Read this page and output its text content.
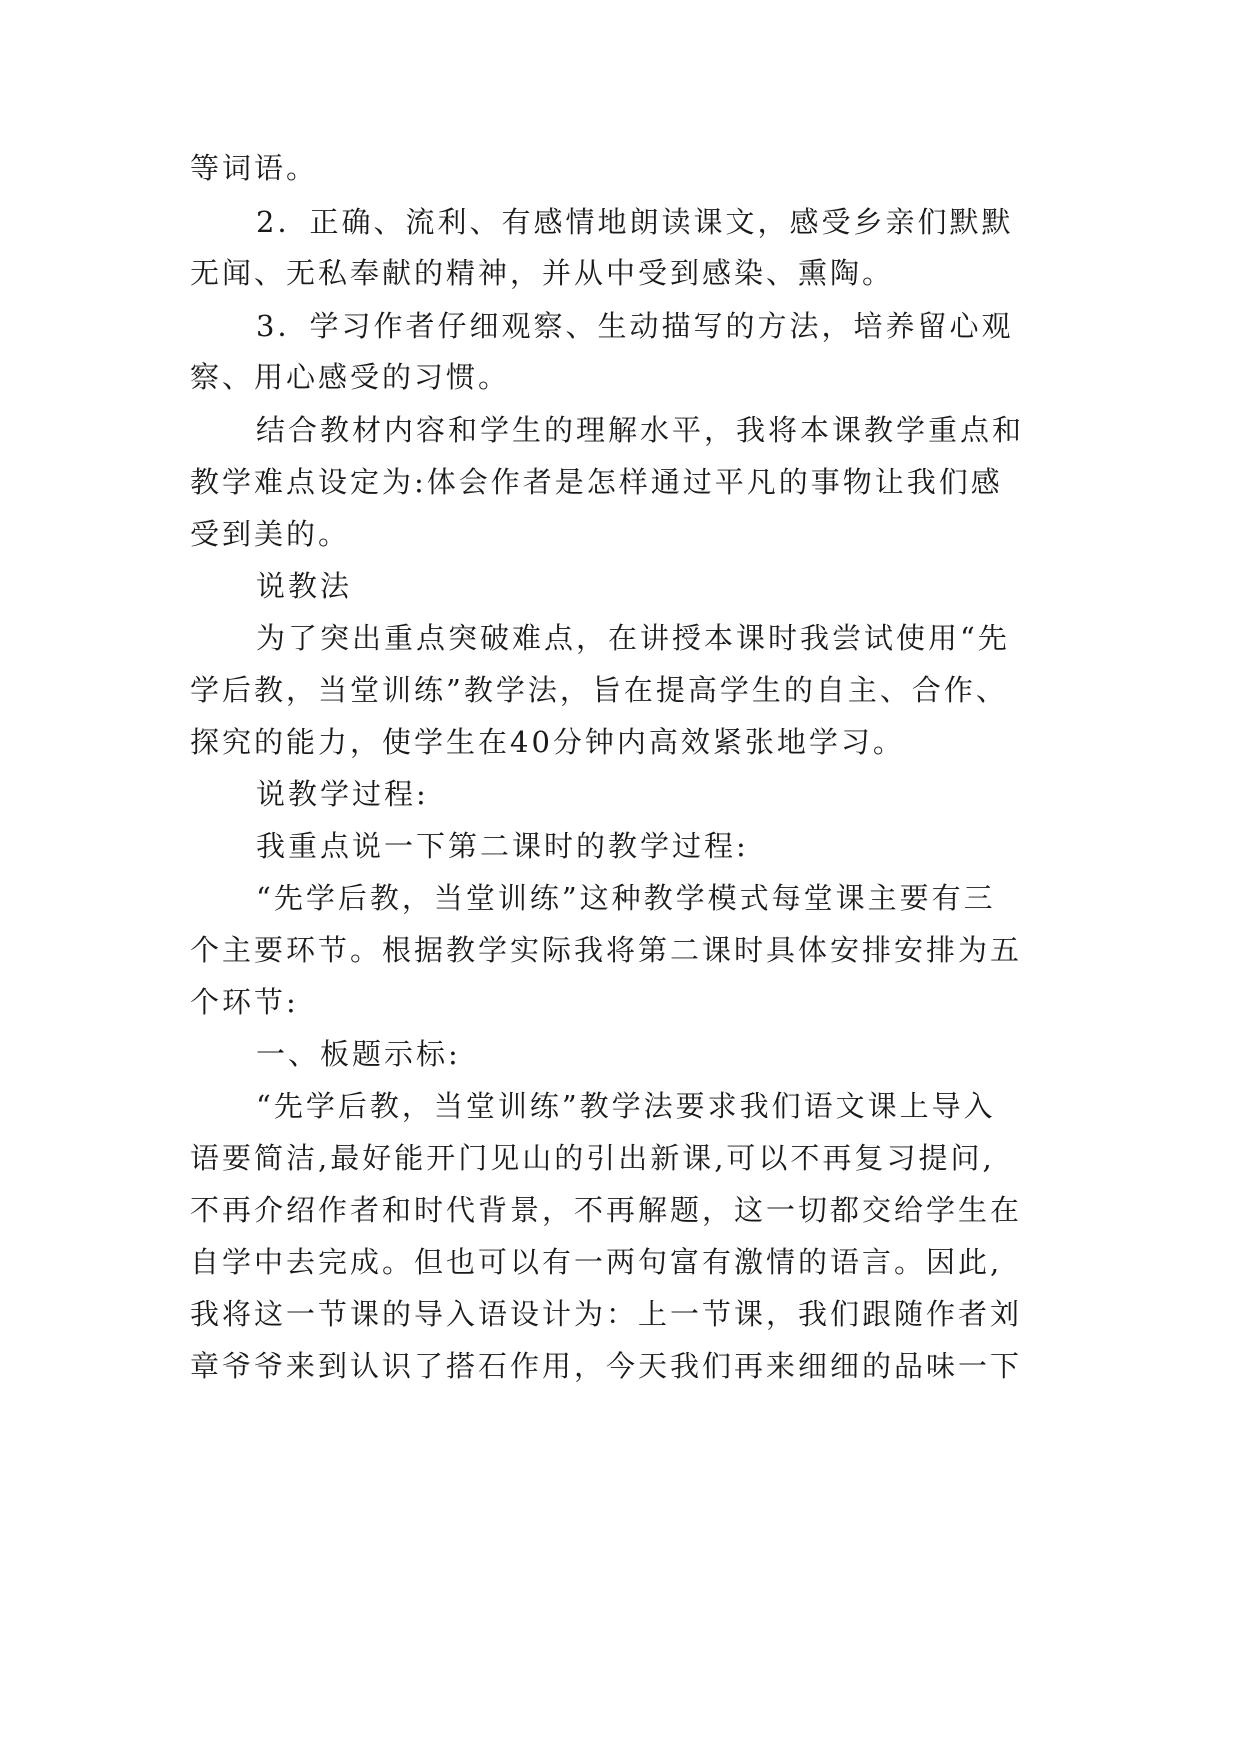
等词语。
2．正确、流利、有感情地朗读课文，感受乡亲们默默
无闻、无私奉献的精神，并从中受到感染、熏陶。
3．学习作者仔细观察、生动描写的方法，培养留心观
察、用心感受的习惯。
结合教材内容和学生的理解水平，我将本课教学重点和
教学难点设定为:体会作者是怎样通过平凡的事物让我们感
受到美的。
说教法
为了突出重点突破难点，在讲授本课时我尝试使用“先
学后教，当堂训练”教学法，旨在提高学生的自主、合作、
探究的能力，使学生在40分钟内高效紧张地学习。
说教学过程:
我重点说一下第二课时的教学过程:
“先学后教，当堂训练”这种教学模式每堂课主要有三
个主要环节。根据教学实际我将第二课时具体安排安排为五
个环节:
一、板题示标:
“先学后教，当堂训练”教学法要求我们语文课上导入
语要简洁,最好能开门见山的引出新课,可以不再复习提问,
不再介绍作者和时代背景，不再解题，这一切都交给学生在
自学中去完成。但也可以有一两句富有激情的语言。因此,
我将这一节课的导入语设计为：上一节课，我们跟随作者刘
章爷爷来到认识了搭石作用，今天我们再来细细的品味一下
